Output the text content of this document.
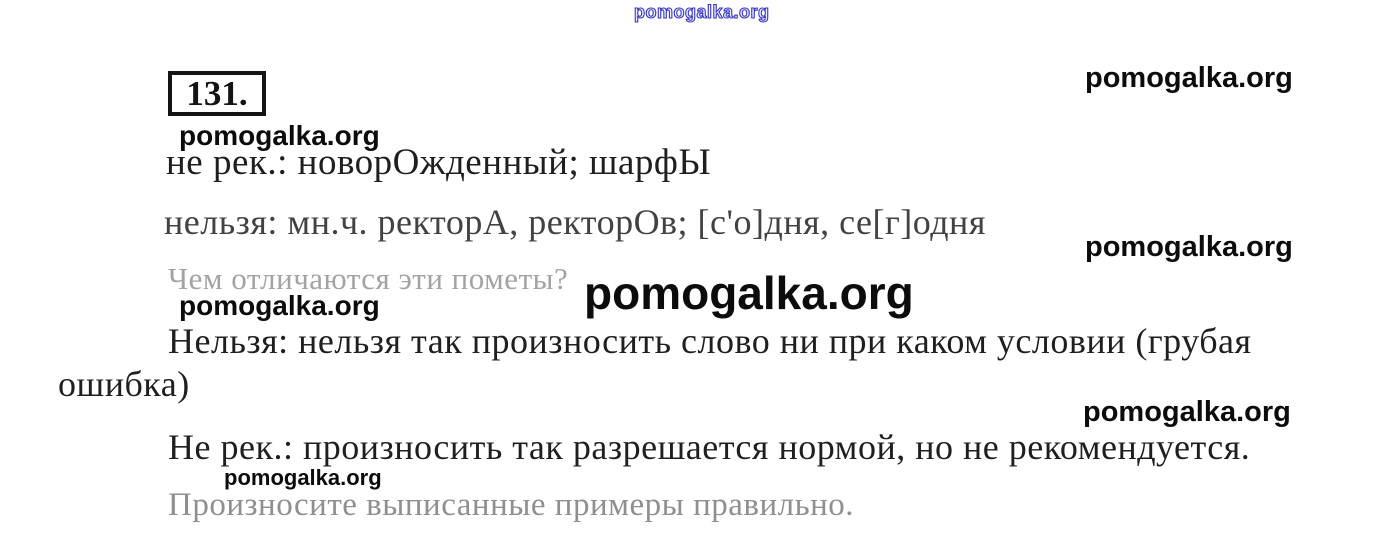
pomogalka.org
131.
pomogalka.org
не рек.: новорОжденный; шарфЫ
нельзя: мн.ч. ректорА, ректорОв; [с'о]дня, се[г]одня
Чем отличаются эти пометы?
pomogalka.org
pomogalka.org
pomogalka.org	pomogalka.org
Нельзя: нельзя так произносить слово ни при каком условии (грубая
ошибка)
pomogalka.org
Не рек.: произносить так разрешается нормой, но не рекомендуется.
pomogalka.org
Произносите выписанные примеры правильно.
